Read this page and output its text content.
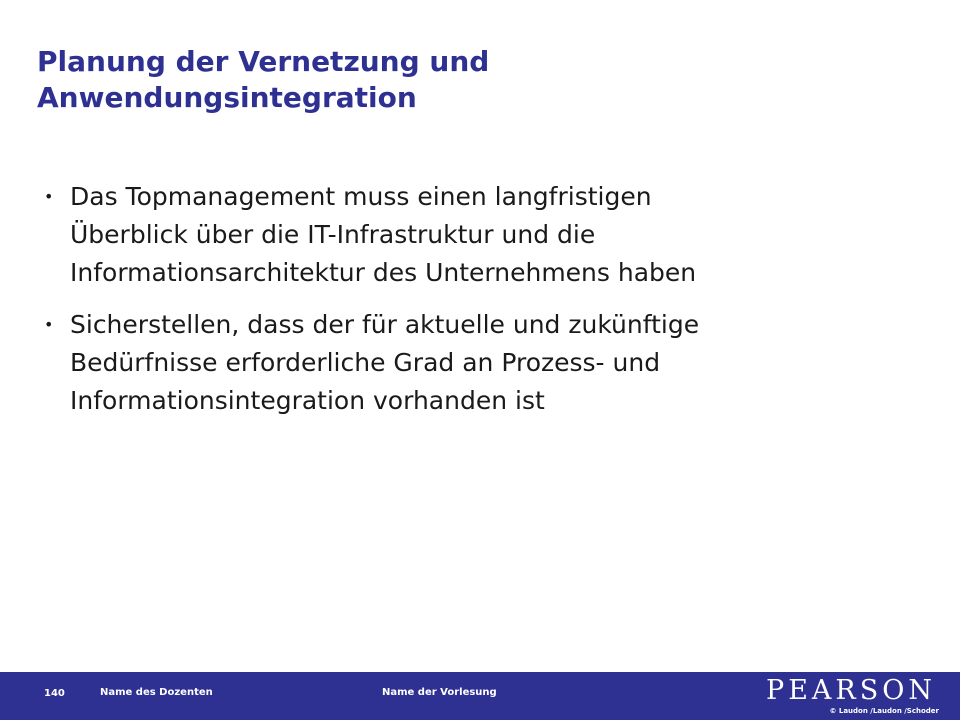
Planung der Vernetzung und
Anwendungsintegration
• Das Topmanagement muss einen langfristigen
Überblick über die IT-Infrastruktur und die
Informationsarchitektur des Unternehmens haben
• Sicherstellen, dass der für aktuelle und zukünftige
Bedürfnisse erforderliche Grad an Prozess- und
Informationsintegration vorhanden ist
140	Name des Dozenten	Name der Vorlesung	PEARSON
© Laudon /Laudon /Schoder
